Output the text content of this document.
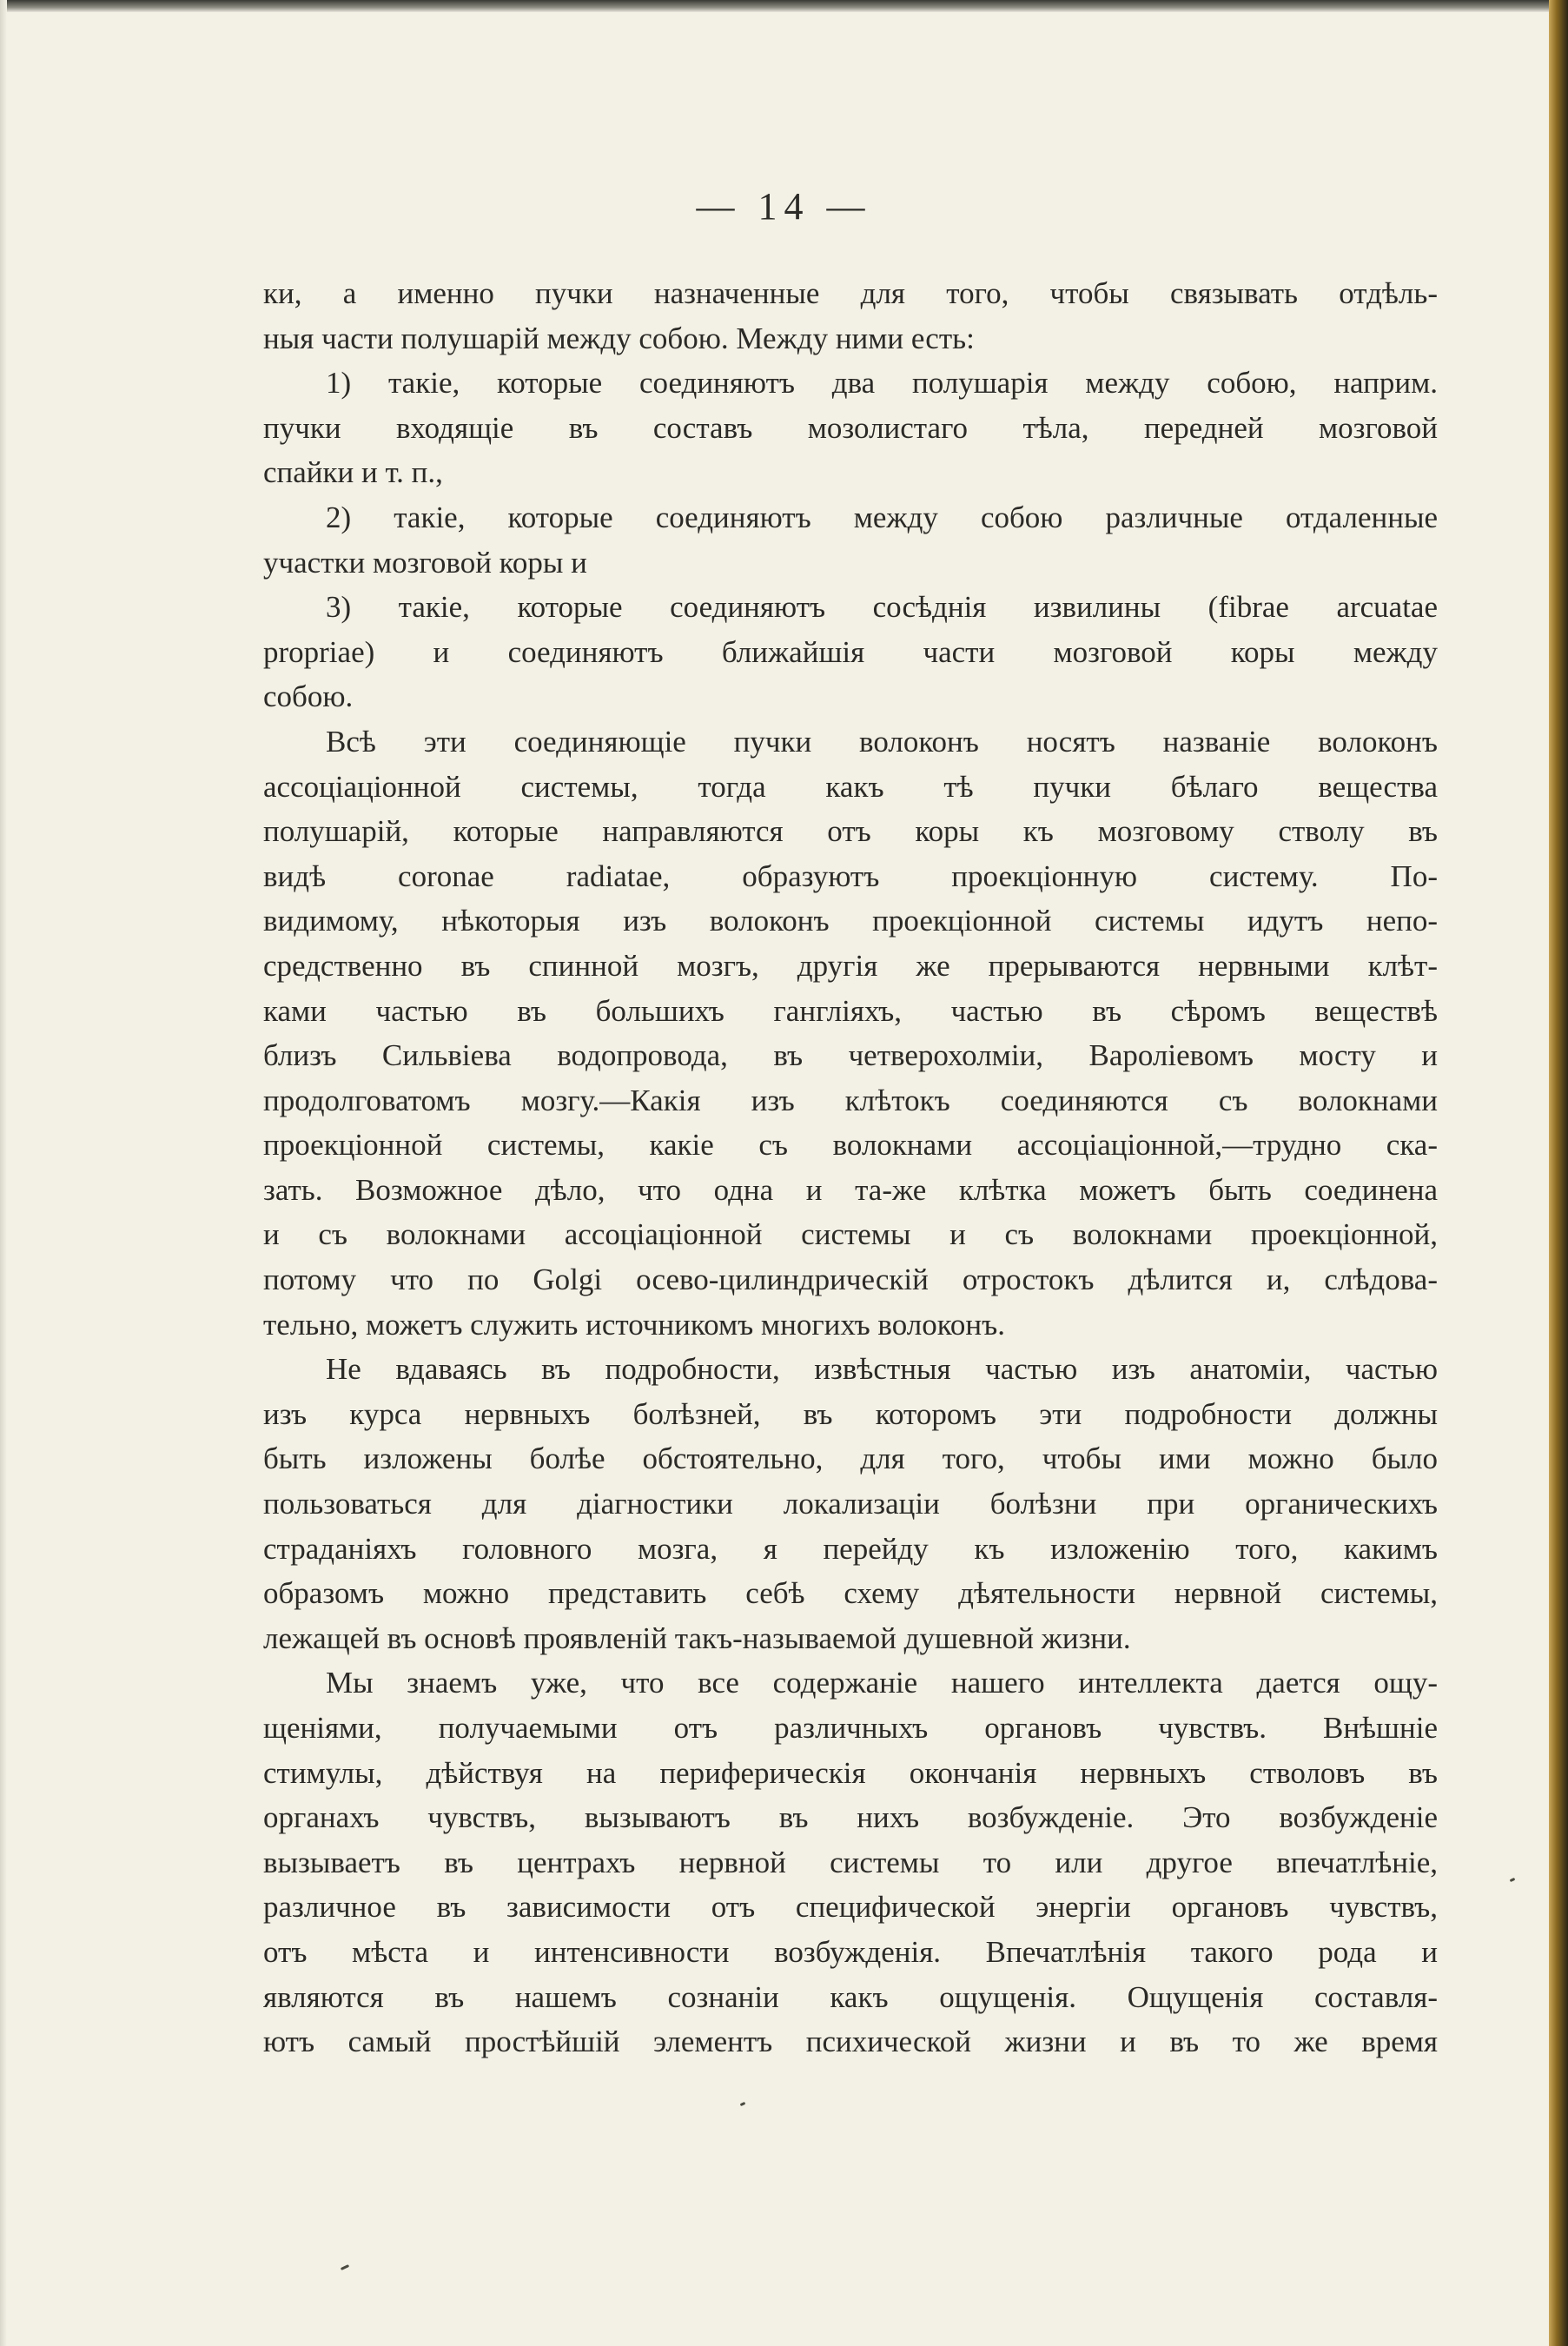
— 14 —
ки, а именно пучки назначенные для того, чтобы связывать отдѣль-
ныя части полушарій между собою. Между ними есть:
1) такіе, которые соединяютъ два полушарія между собою, наприм.
пучки входящіе въ составъ мозолистаго тѣла, передней мозговой
спайки и т. п.,
2) такіе, которые соединяютъ между собою различные отдаленные
участки мозговой коры и
3) такіе, которые соединяютъ сосѣднія извилины (fibrae arcuatae
proprіae) и соединяютъ ближайшія части мозговой коры между
собою.
Всѣ эти соединяющіе пучки волоконъ носятъ названіе волоконъ
ассоціаціонной системы, тогда какъ тѣ пучки бѣлаго вещества
полушарій, которые направляются отъ коры къ мозговому стволу въ
видѣ coronae radiatae, образуютъ проекціонную систему. По-
видимому, нѣкоторыя изъ волоконъ проекціонной системы идутъ непо-
средственно въ спинной мозгъ, другія же прерываются нервными клѣт-
ками частью въ большихъ гангліяхъ, частью въ сѣромъ веществѣ
близъ Сильвіева водопровода, въ четверохолміи, Вароліевомъ мосту и
продолговатомъ мозгу.—Какія изъ клѣтокъ соединяются съ волокнами
проекціонной системы, какіе съ волокнами ассоціаціонной,—трудно ска-
зать. Возможное дѣло, что одна и та-же клѣтка можетъ быть соединена
и съ волокнами ассоціаціонной системы и съ волокнами проекціонной,
потому что по Golgi осево-цилиндрическій отростокъ дѣлится и, слѣдова-
тельно, можетъ служить источникомъ многихъ волоконъ.
Не вдаваясь въ подробности, извѣстныя частью изъ анатоміи, частью
изъ курса нервныхъ болѣзней, въ которомъ эти подробности должны
быть изложены болѣе обстоятельно, для того, чтобы ими можно было
пользоваться для діагностики локализаціи болѣзни при органическихъ
страданіяхъ головного мозга, я перейду къ изложенію того, какимъ
образомъ можно представить себѣ схему дѣятельности нервной системы,
лежащей въ основѣ проявленій такъ-называемой душевной жизни.
Мы знаемъ уже, что все содержаніе нашего интеллекта дается ощу-
щеніями, получаемыми отъ различныхъ органовъ чувствъ. Внѣшніе
стимулы, дѣйствуя на периферическія окончанія нервныхъ стволовъ въ
органахъ чувствъ, вызываютъ въ нихъ возбужденіе. Это возбужденіе
вызываетъ въ центрахъ нервной системы то или другое впечатлѣніе,
различное въ зависимости отъ специфической энергіи органовъ чувствъ,
отъ мѣста и интенсивности возбужденія. Впечатлѣнія такого рода и
являются въ нашемъ сознаніи какъ ощущенія. Ощущенія составля-
ютъ самый простѣйшій элементъ психической жизни и въ то же время
